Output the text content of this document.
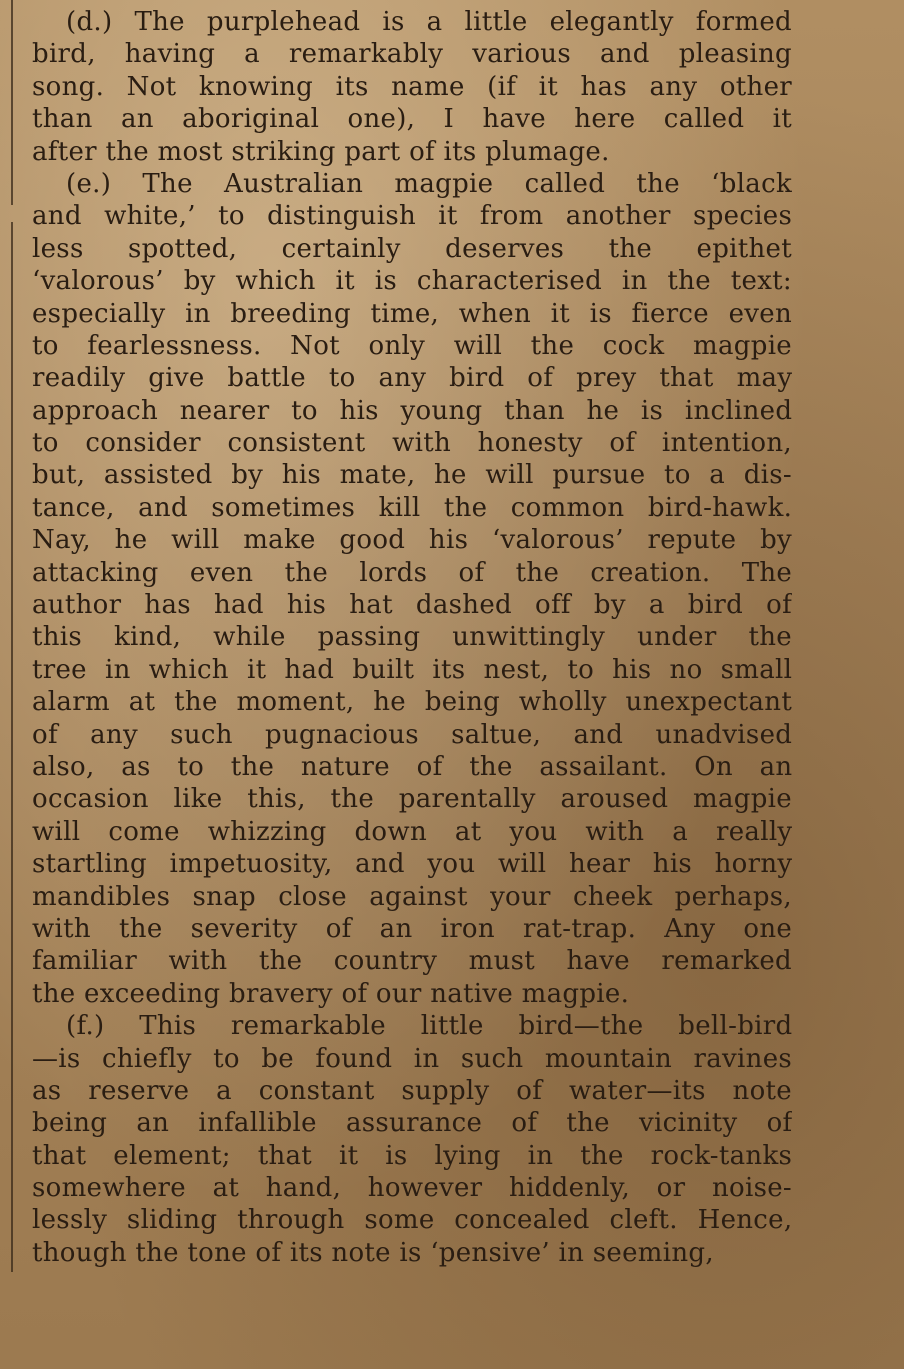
(d.) The purplehead is a little elegantly formed
bird, having a remarkably various and pleasing
song. Not knowing its name (if it has any other
than an aboriginal one), I have here called it
after the most striking part of its plumage.
(e.) The Australian magpie called the ‘black
and white,’ to distinguish it from another species
less spotted, certainly deserves the epithet
‘valorous’ by which it is characterised in the text:
especially in breeding time, when it is fierce even
to fearlessness. Not only will the cock magpie
readily give battle to any bird of prey that may
approach nearer to his young than he is inclined
to consider consistent with honesty of intention,
but, assisted by his mate, he will pursue to a dis-
tance, and sometimes kill the common bird-hawk.
Nay, he will make good his ‘valorous’ repute by
attacking even the lords of the creation. The
author has had his hat dashed off by a bird of
this kind, while passing unwittingly under the
tree in which it had built its nest, to his no small
alarm at the moment, he being wholly unexpectant
of any such pugnacious saltue, and unadvised
also, as to the nature of the assailant. On an
occasion like this, the parentally aroused magpie
will come whizzing down at you with a really
startling impetuosity, and you will hear his horny
mandibles snap close against your cheek perhaps,
with the severity of an iron rat-trap. Any one
familiar with the country must have remarked
the exceeding bravery of our native magpie.
(f.) This remarkable little bird—the bell-bird
—is chiefly to be found in such mountain ravines
as reserve a constant supply of water—its note
being an infallible assurance of the vicinity of
that element; that it is lying in the rock-tanks
somewhere at hand, however hiddenly, or noise-
lessly sliding through some concealed cleft. Hence,
though the tone of its note is ‘pensive’ in seeming,
